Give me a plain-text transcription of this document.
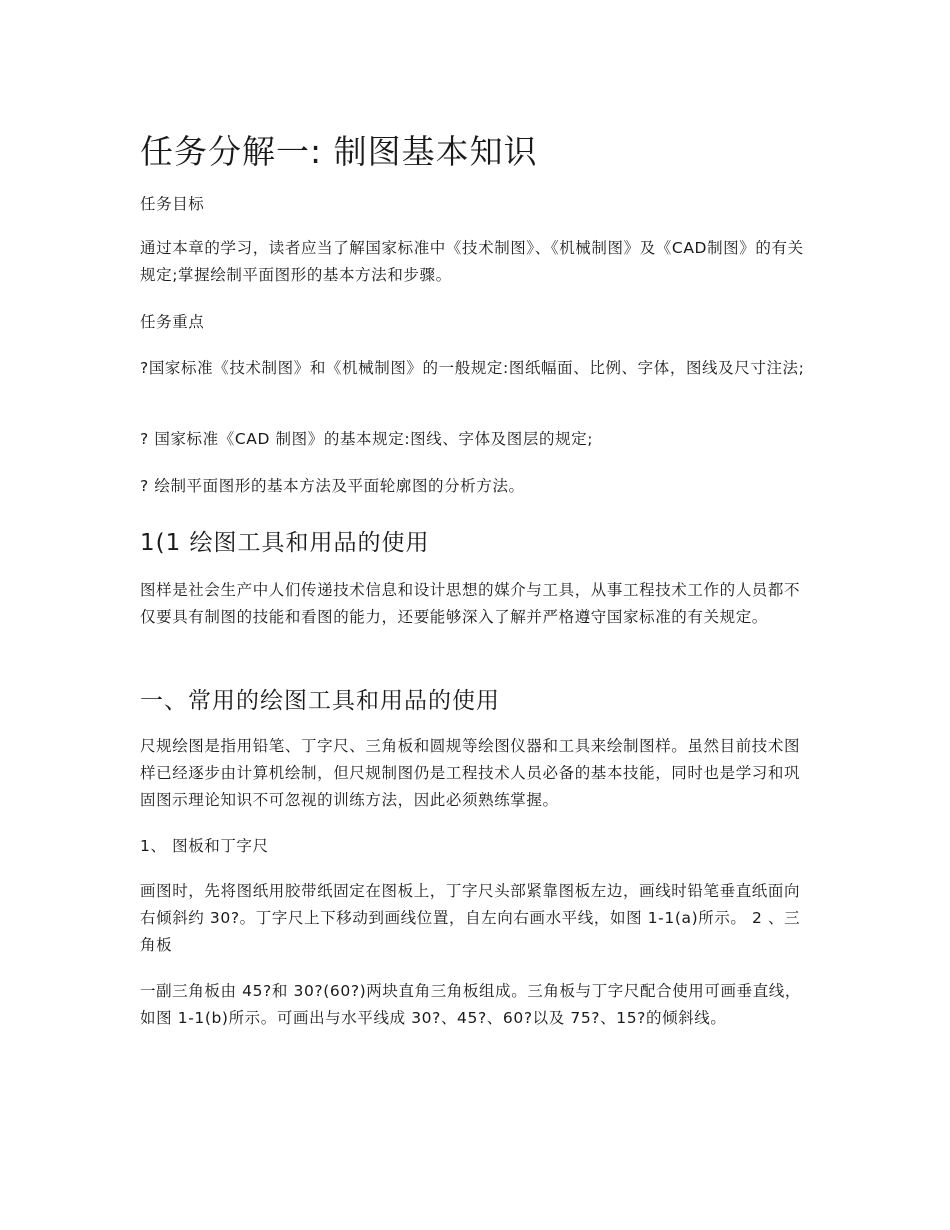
任务分解一: 制图基本知识

任务目标

通过本章的学习，读者应当了解国家标准中《技术制图》、《机械制图》及《CAD制图》的有关规定;掌握绘制平面图形的基本方法和步骤。

任务重点

?国家标准《技术制图》和《机械制图》的一般规定:图纸幅面、比例、字体，图线及尺寸注法;

? 国家标准《CAD 制图》的基本规定:图线、字体及图层的规定;

? 绘制平面图形的基本方法及平面轮廓图的分析方法。

1(1 绘图工具和用品的使用

图样是社会生产中人们传递技术信息和设计思想的媒介与工具，从事工程技术工作的人员都不仅要具有制图的技能和看图的能力，还要能够深入了解并严格遵守国家标准的有关规定。

一、常用的绘图工具和用品的使用

尺规绘图是指用铅笔、丁字尺、三角板和圆规等绘图仪器和工具来绘制图样。虽然目前技术图样已经逐步由计算机绘制，但尺规制图仍是工程技术人员必备的基本技能，同时也是学习和巩固图示理论知识不可忽视的训练方法，因此必须熟练掌握。

1、 图板和丁字尺

画图时，先将图纸用胶带纸固定在图板上，丁字尺头部紧靠图板左边，画线时铅笔垂直纸面向右倾斜约 30?。丁字尺上下移动到画线位置，自左向右画水平线，如图 1-1(a)所示。 2 、三角板

一副三角板由 45?和 30?(60?)两块直角三角板组成。三角板与丁字尺配合使用可画垂直线，如图 1-1(b)所示。可画出与水平线成 30?、45?、60?以及 75?、15?的倾斜线。
